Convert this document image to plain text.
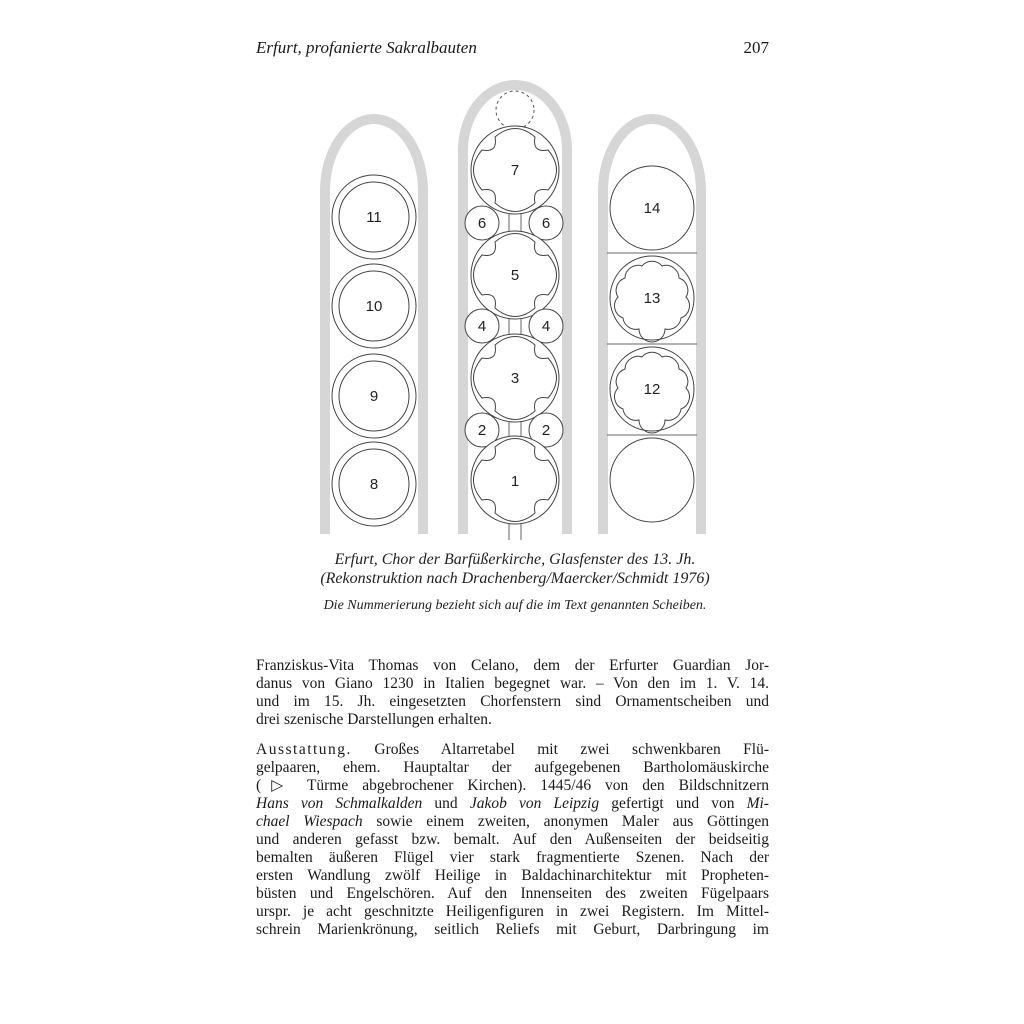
Erfurt, profanierte Sakralbauten	207
11
10
9
8
7
6	6
5
4	4
3
2	2
1
14
13
12
Erfurt, Chor der Barfüßerkirche, Glasfenster des 13. Jh.
(Rekonstruktion nach Drachenberg/Maercker/Schmidt 1976)
Die Nummerierung bezieht sich auf die im Text genannten Scheiben.
Franziskus-Vita Thomas von Celano, dem der Erfurter Guardian Jor-
danus von Giano 1230 in Italien begegnet war. – Von den im 1. V. 14.
und im 15. Jh. eingesetzten Chorfenstern sind Ornamentscheiben und
drei szenische Darstellungen erhalten.
Ausstattung. Großes Altarretabel mit zwei schwenkbaren Flü-
gelpaaren, ehem. Hauptaltar der aufgegebenen Bartholomäuskirche
(▷ Türme abgebrochener Kirchen). 1445/46 von den Bildschnitzern
Hans von Schmalkalden und Jakob von Leipzig gefertigt und von Mi-
chael Wiespach sowie einem zweiten, anonymen Maler aus Göttingen
und anderen gefasst bzw. bemalt. Auf den Außenseiten der beidseitig
bemalten äußeren Flügel vier stark fragmentierte Szenen. Nach der
ersten Wandlung zwölf Heilige in Baldachinarchitektur mit Propheten-
büsten und Engelschören. Auf den Innenseiten des zweiten Fügelpaars
urspr. je acht geschnitzte Heiligenfiguren in zwei Registern. Im Mittel-
schrein Marienkrönung, seitlich Reliefs mit Geburt, Darbringung im
